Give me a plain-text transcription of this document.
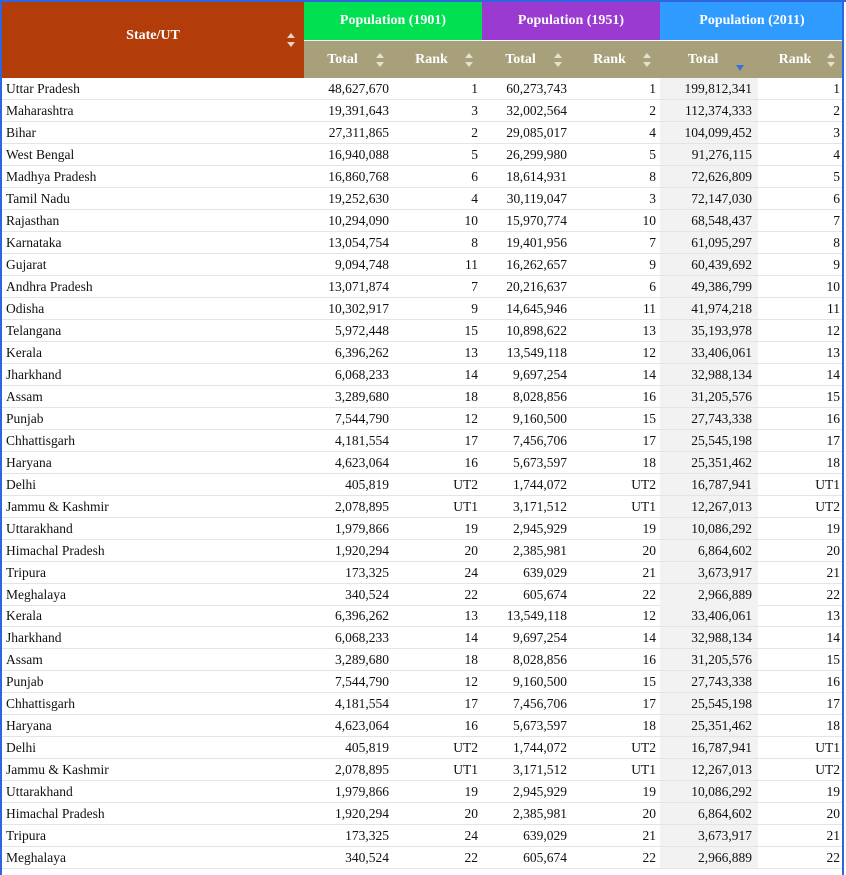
State/UT	Population (1901)		Population (1951)		Population (2011)	
	Total	Rank	Total	Rank	Total	Rank

Uttar Pradesh	48,627,670	1	60,273,743	1	199,812,341	1
Maharashtra	19,391,643	3	32,002,564	2	112,374,333	2
Bihar	27,311,865	2	29,085,017	4	104,099,452	3
West Bengal	16,940,088	5	26,299,980	5	91,276,115	4
Madhya Pradesh	16,860,768	6	18,614,931	8	72,626,809	5
Tamil Nadu	19,252,630	4	30,119,047	3	72,147,030	6
Rajasthan	10,294,090	10	15,970,774	10	68,548,437	7
Karnataka	13,054,754	8	19,401,956	7	61,095,297	8
Gujarat	9,094,748	11	16,262,657	9	60,439,692	9
Andhra Pradesh	13,071,874	7	20,216,637	6	49,386,799	10
Odisha	10,302,917	9	14,645,946	11	41,974,218	11
Telangana	5,972,448	15	10,898,622	13	35,193,978	12
Kerala	6,396,262	13	13,549,118	12	33,406,061	13
Jharkhand	6,068,233	14	9,697,254	14	32,988,134	14
Assam	3,289,680	18	8,028,856	16	31,205,576	15
Punjab	7,544,790	12	9,160,500	15	27,743,338	16
Chhattisgarh	4,181,554	17	7,456,706	17	25,545,198	17
Haryana	4,623,064	16	5,673,597	18	25,351,462	18
Delhi	405,819	UT2	1,744,072	UT2	16,787,941	UT1
Jammu & Kashmir	2,078,895	UT1	3,171,512	UT1	12,267,013	UT2
Uttarakhand	1,979,866	19	2,945,929	19	10,086,292	19
Himachal Pradesh	1,920,294	20	2,385,981	20	6,864,602	20
Tripura	173,325	24	639,029	21	3,673,917	21
Meghalaya	340,524	22	605,674	22	2,966,889	22
Kerala	6,396,262	13	13,549,118	12	33,406,061	13
Jharkhand	6,068,233	14	9,697,254	14	32,988,134	14
Assam	3,289,680	18	8,028,856	16	31,205,576	15
Punjab	7,544,790	12	9,160,500	15	27,743,338	16
Chhattisgarh	4,181,554	17	7,456,706	17	25,545,198	17
Haryana	4,623,064	16	5,673,597	18	25,351,462	18
Delhi	405,819	UT2	1,744,072	UT2	16,787,941	UT1
Jammu & Kashmir	2,078,895	UT1	3,171,512	UT1	12,267,013	UT2
Uttarakhand	1,979,866	19	2,945,929	19	10,086,292	19
Himachal Pradesh	1,920,294	20	2,385,981	20	6,864,602	20
Tripura	173,325	24	639,029	21	3,673,917	21
Meghalaya	340,524	22	605,674	22	2,966,889	22
